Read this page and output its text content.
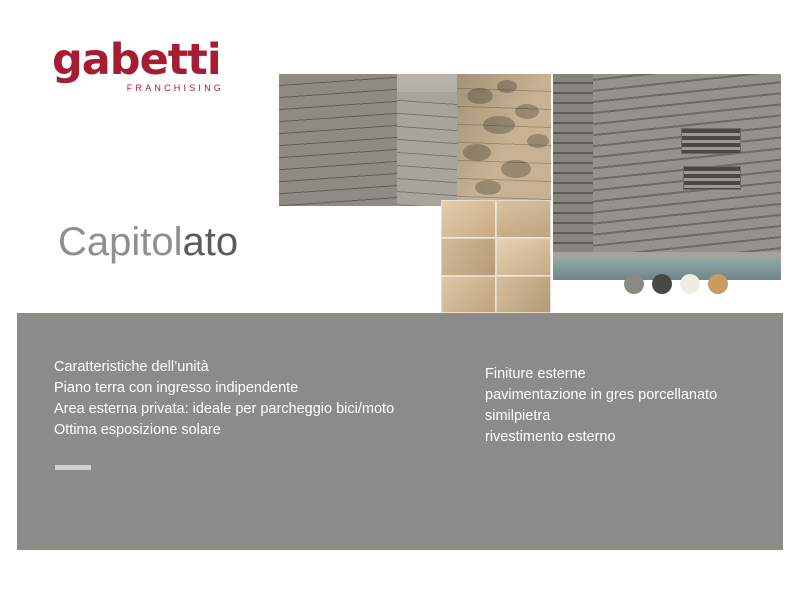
gabetti
FRANCHISING
Capitolato
Caratteristiche dell’unità
Piano terra con ingresso indipendente
Area esterna privata: ideale per parcheggio bici/moto
Ottima esposizione solare
Finiture esterne
pavimentazione in gres porcellanato
similpietra
rivestimento esterno
